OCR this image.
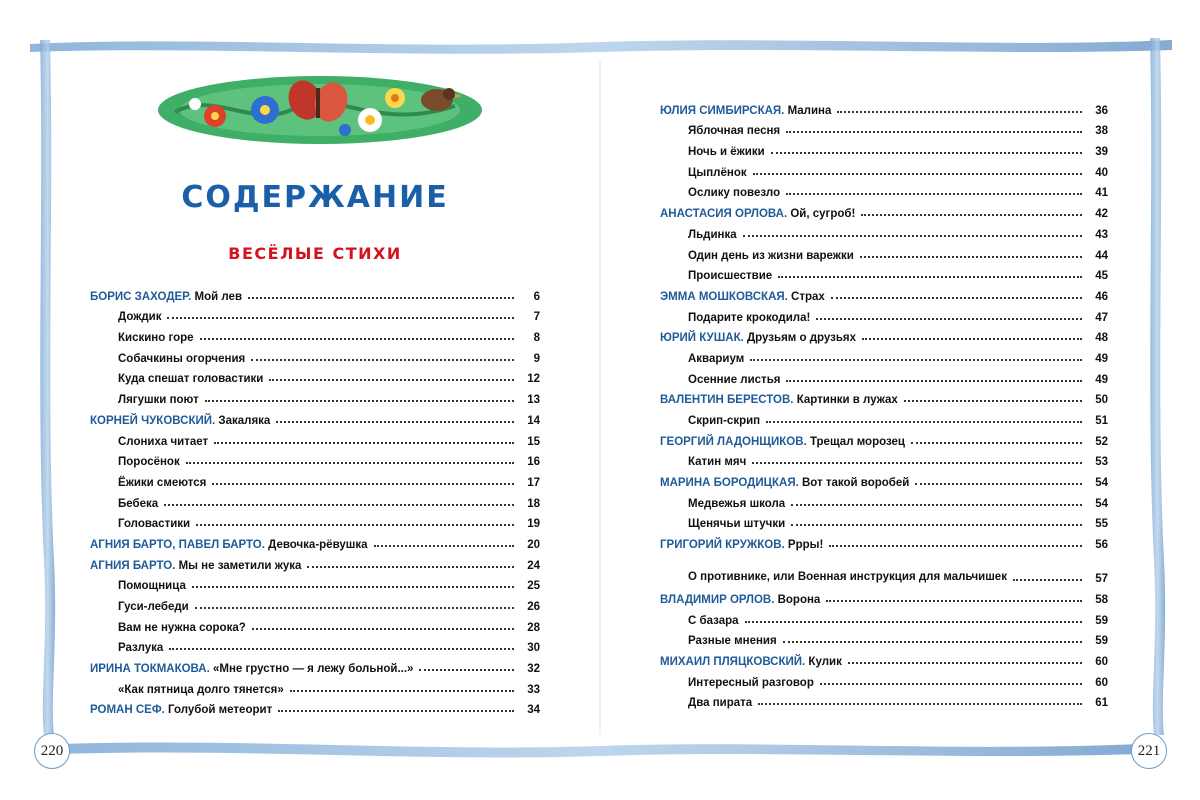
СОДЕРЖАНИЕ
ВЕСЁЛЫЕ СТИХИ
БОРИС ЗАХОДЕР. Мой лев	6
Дождик	7
Кискино горе	8
Собачкины огорчения	9
Куда спешат головастики	12
Лягушки поют	13
КОРНЕЙ ЧУКОВСКИЙ. Закаляка	14
Слониха читает	15
Поросёнок	16
Ёжики смеются	17
Бебека	18
Головастики	19
АГНИЯ БАРТО, ПАВЕЛ БАРТО. Девочка-рёвушка	20
АГНИЯ БАРТО. Мы не заметили жука	24
Помощница	25
Гуси-лебеди	26
Вам не нужна сорока?	28
Разлука	30
ИРИНА ТОКМАКОВА. «Мне грустно — я лежу больной...»	32
«Как пятница долго тянется»	33
РОМАН СЕФ. Голубой метеорит	34
ЮЛИЯ СИМБИРСКАЯ. Малина	36
Яблочная песня	38
Ночь и ёжики	39
Цыплёнок	40
Ослику повезло	41
АНАСТАСИЯ ОРЛОВА. Ой, сугроб!	42
Льдинка	43
Один день из жизни варежки	44
Происшествие	45
ЭММА МОШКОВСКАЯ. Страх	46
Подарите крокодила!	47
ЮРИЙ КУШАК. Друзьям о друзьях	48
Аквариум	49
Осенние листья	49
ВАЛЕНТИН БЕРЕСТОВ. Картинки в лужах	50
Скрип-скрип	51
ГЕОРГИЙ ЛАДОНЩИКОВ. Трещал морозец	52
Катин мяч	53
МАРИНА БОРОДИЦКАЯ. Вот такой воробей	54
Медвежья школа	54
Щенячьи штучки	55
ГРИГОРИЙ КРУЖКОВ. Ррры!	56
О противнике, или Военная инструкция для мальчишек	57
ВЛАДИМИР ОРЛОВ. Ворона	58
С базара	59
Разные мнения	59
МИХАИЛ ПЛЯЦКОВСКИЙ. Кулик	60
Интересный разговор	60
Два пирата	61
220	221
